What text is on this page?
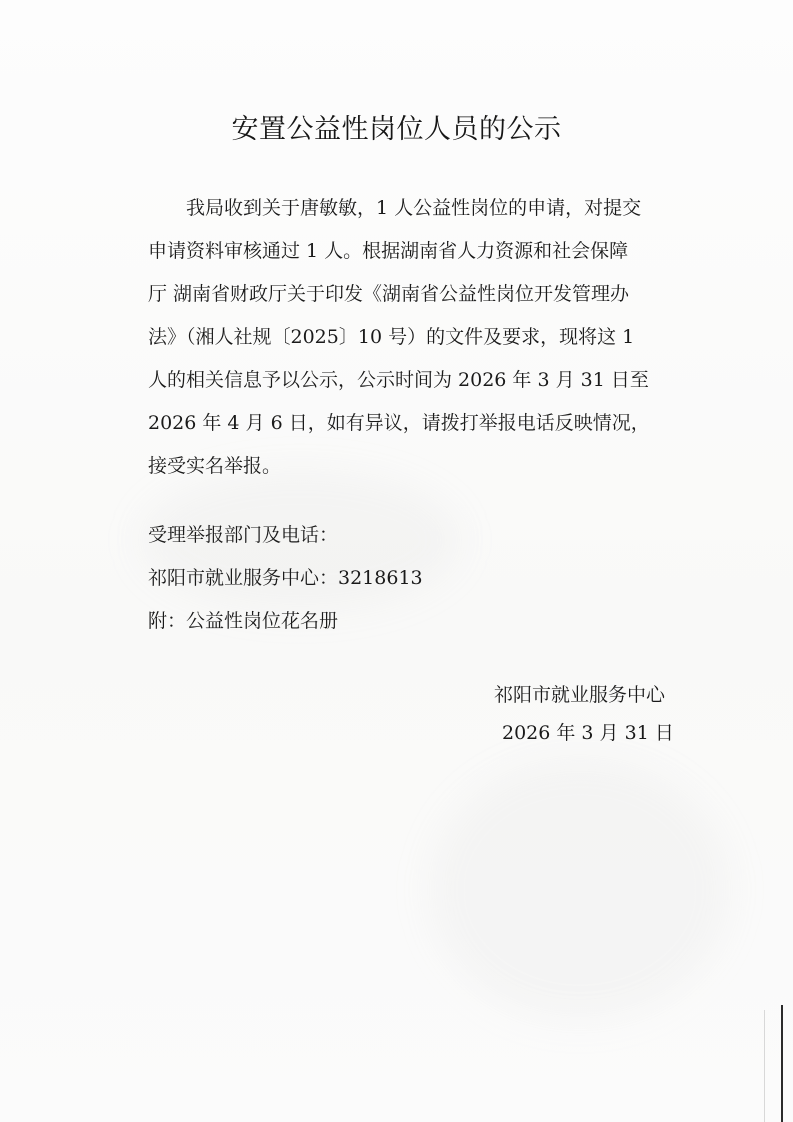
安置公益性岗位人员的公示
我局收到关于唐敏敏，1 人公益性岗位的申请，对提交
申请资料审核通过 1 人。根据湖南省人力资源和社会保障
厅 湖南省财政厅关于印发《湖南省公益性岗位开发管理办
法》（湘人社规〔2025〕10 号）的文件及要求，现将这 1
人的相关信息予以公示，公示时间为 2026 年 3 月 31 日至
2026 年 4 月 6 日，如有异议，请拨打举报电话反映情况，
接受实名举报。
受理举报部门及电话：
祁阳市就业服务中心：3218613
附：公益性岗位花名册
祁阳市就业服务中心
2026 年 3 月 31 日
